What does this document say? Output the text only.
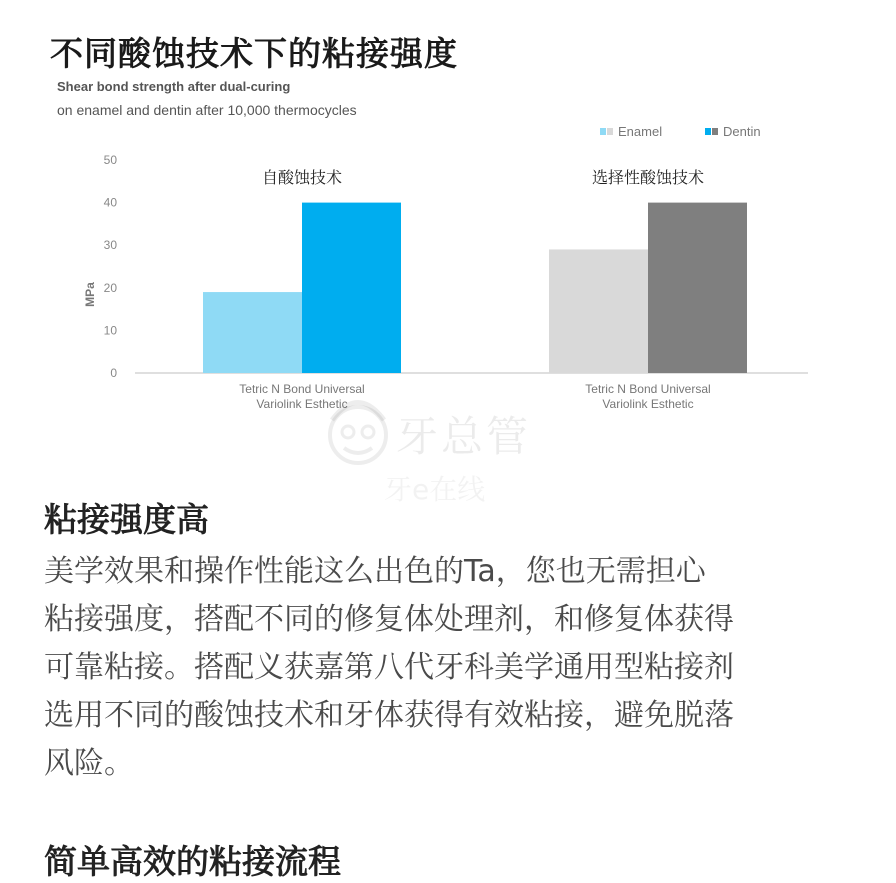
不同酸蚀技术下的粘接强度
Shear bond strength after dual-curing
on enamel and dentin after 10,000 thermocycles
0
10
20
30
40
50
MPa
自酸蚀技术
Tetric N Bond Universal
Variolink Esthetic
选择性酸蚀技术
Tetric N Bond Universal
Variolink Esthetic
Enamel	Dentin
牙总管
牙e在线
粘接强度高
美学效果和操作性能这么出色的Ta，您也无需担心
粘接强度，搭配不同的修复体处理剂，和修复体获得
可靠粘接。搭配义获嘉第八代牙科美学通用型粘接剂
选用不同的酸蚀技术和牙体获得有效粘接，避免脱落
风险。
简单高效的粘接流程
